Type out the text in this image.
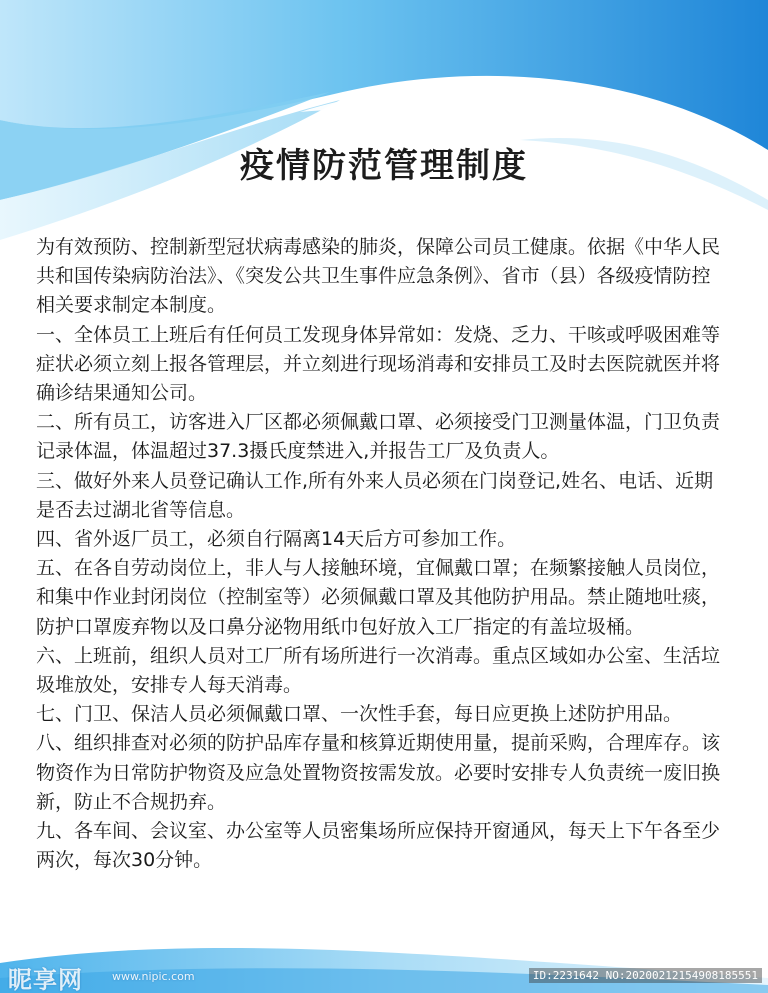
疫情防范管理制度

为有效预防、控制新型冠状病毒感染的肺炎，保障公司员工健康。依据《中华人民共和国传染病防治法》、《突发公共卫生事件应急条例》、省市（县）各级疫情防控相关要求制定本制度。

一、全体员工上班后有任何员工发现身体异常如：发烧、乏力、干咳或呼吸困难等症状必须立刻上报各管理层，并立刻进行现场消毒和安排员工及时去医院就医并将确诊结果通知公司。

二、所有员工，访客进入厂区都必须佩戴口罩、必须接受门卫测量体温，门卫负责记录体温，体温超过37.3摄氏度禁进入,并报告工厂及负责人。

三、做好外来人员登记确认工作,所有外来人员必须在门岗登记,姓名、电话、近期是否去过湖北省等信息。

四、省外返厂员工，必须自行隔离14天后方可参加工作。

五、在各自劳动岗位上，非人与人接触环境，宜佩戴口罩；在频繁接触人员岗位，和集中作业封闭岗位（控制室等）必须佩戴口罩及其他防护用品。禁止随地吐痰，防护口罩废弃物以及口鼻分泌物用纸巾包好放入工厂指定的有盖垃圾桶。

六、上班前，组织人员对工厂所有场所进行一次消毒。重点区域如办公室、生活垃圾堆放处，安排专人每天消毒。

七、门卫、保洁人员必须佩戴口罩、一次性手套，每日应更换上述防护用品。

八、组织排查对必须的防护品库存量和核算近期使用量，提前采购，合理库存。该物资作为日常防护物资及应急处置物资按需发放。必要时安排专人负责统一废旧换新，防止不合规扔弃。

九、各车间、会议室、办公室等人员密集场所应保持开窗通风，每天上下午各至少两次，每次30分钟。

昵享网	www.nipic.com	ID:2231642 NO:20200212154908185551
